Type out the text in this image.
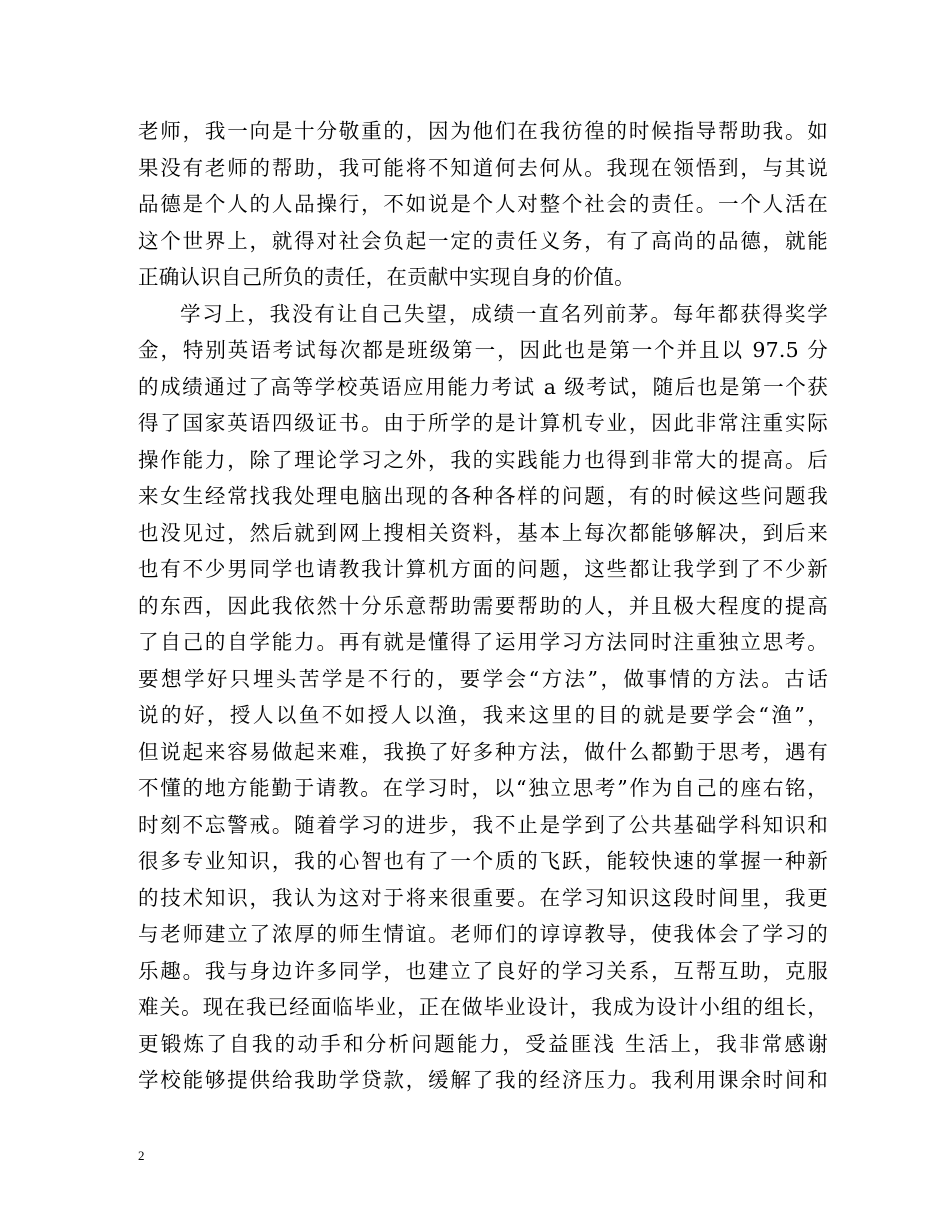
老师，我一向是十分敬重的，因为他们在我彷徨的时候指导帮助我。如
果没有老师的帮助，我可能将不知道何去何从。我现在领悟到，与其说
品德是个人的人品操行，不如说是个人对整个社会的责任。一个人活在
这个世界上，就得对社会负起一定的责任义务，有了高尚的品德，就能
正确认识自己所负的责任，在贡献中实现自身的价值。
学习上，我没有让自己失望，成绩一直名列前茅。每年都获得奖学
金，特别英语考试每次都是班级第一，因此也是第一个并且以 97.5 分
的成绩通过了高等学校英语应用能力考试 a 级考试，随后也是第一个获
得了国家英语四级证书。由于所学的是计算机专业，因此非常注重实际
操作能力，除了理论学习之外，我的实践能力也得到非常大的提高。后
来女生经常找我处理电脑出现的各种各样的问题，有的时候这些问题我
也没见过，然后就到网上搜相关资料，基本上每次都能够解决，到后来
也有不少男同学也请教我计算机方面的问题，这些都让我学到了不少新
的东西，因此我依然十分乐意帮助需要帮助的人，并且极大程度的提高
了自己的自学能力。再有就是懂得了运用学习方法同时注重独立思考。
要想学好只埋头苦学是不行的，要学会“方法”，做事情的方法。古话
说的好，授人以鱼不如授人以渔，我来这里的目的就是要学会“渔”，
但说起来容易做起来难，我换了好多种方法，做什么都勤于思考，遇有
不懂的地方能勤于请教。在学习时，以“独立思考”作为自己的座右铭，
时刻不忘警戒。随着学习的进步，我不止是学到了公共基础学科知识和
很多专业知识，我的心智也有了一个质的飞跃，能较快速的掌握一种新
的技术知识，我认为这对于将来很重要。在学习知识这段时间里，我更
与老师建立了浓厚的师生情谊。老师们的谆谆教导，使我体会了学习的
乐趣。我与身边许多同学，也建立了良好的学习关系，互帮互助，克服
难关。现在我已经面临毕业，正在做毕业设计，我成为设计小组的组长，
更锻炼了自我的动手和分析问题能力，受益匪浅 生活上，我非常感谢
学校能够提供给我助学贷款，缓解了我的经济压力。我利用课余时间和
2
